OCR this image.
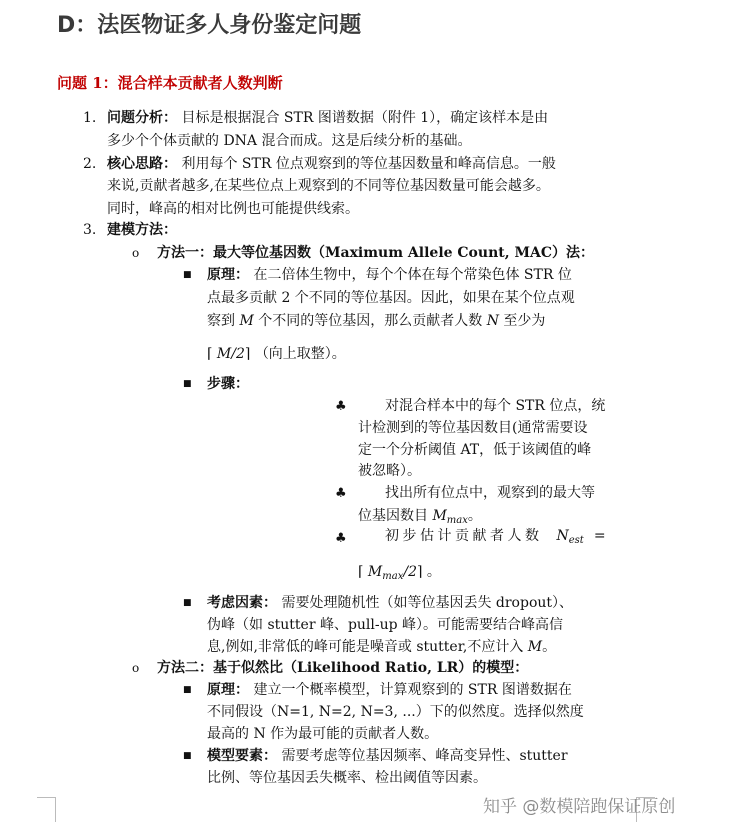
D：法医物证多人身份鉴定问题
问题 1：混合样本贡献者人数判断
1. 问题分析： 目标是根据混合 STR 图谱数据（附件 1），确定该样本是由
多少个个体贡献的 DNA 混合而成。这是后续分析的基础。
2. 核心思路： 利用每个 STR 位点观察到的等位基因数量和峰高信息。一般
来说,贡献者越多,在某些位点上观察到的不同等位基因数量可能会越多。
同时，峰高的相对比例也可能提供线索。
3. 建模方法：
o 方法一：最大等位基因数（Maximum Allele Count, MAC）法：
■ 原理： 在二倍体生物中，每个个体在每个常染色体 STR 位
点最多贡献 2 个不同的等位基因。因此，如果在某个位点观
察到 M 个不同的等位基因，那么贡献者人数 N 至少为
⌈ M/2⌉ （向上取整）。
■ 步骤：
♣	对混合样本中的每个 STR 位点，统
计检测到的等位基因数目(通常需要设
定一个分析阈值 AT，低于该阈值的峰
被忽略）。
♣	找出所有位点中，观察到的最大等
位基因数目 $M_{max}$。
♣	初步估计贡献者人数 $N_{est}$ =
⌈ $M_{max}/2⌉$ 。
■ 考虑因素： 需要处理随机性（如等位基因丢失 dropout）、
伪峰（如 stutter 峰、pull-up 峰）。可能需要结合峰高信
息,例如,非常低的峰可能是噪音或 stutter,不应计入 M。
o 方法二：基于似然比（Likelihood Ratio, LR）的模型：
■ 原理： 建立一个概率模型，计算观察到的 STR 图谱数据在
不同假设（N=1, N=2, N=3, ...）下的似然度。选择似然度
最高的 N 作为最可能的贡献者人数。
■ 模型要素： 需要考虑等位基因频率、峰高变异性、stutter
比例、等位基因丢失概率、检出阈值等因素。
知乎 @数模陪跑保证原创
